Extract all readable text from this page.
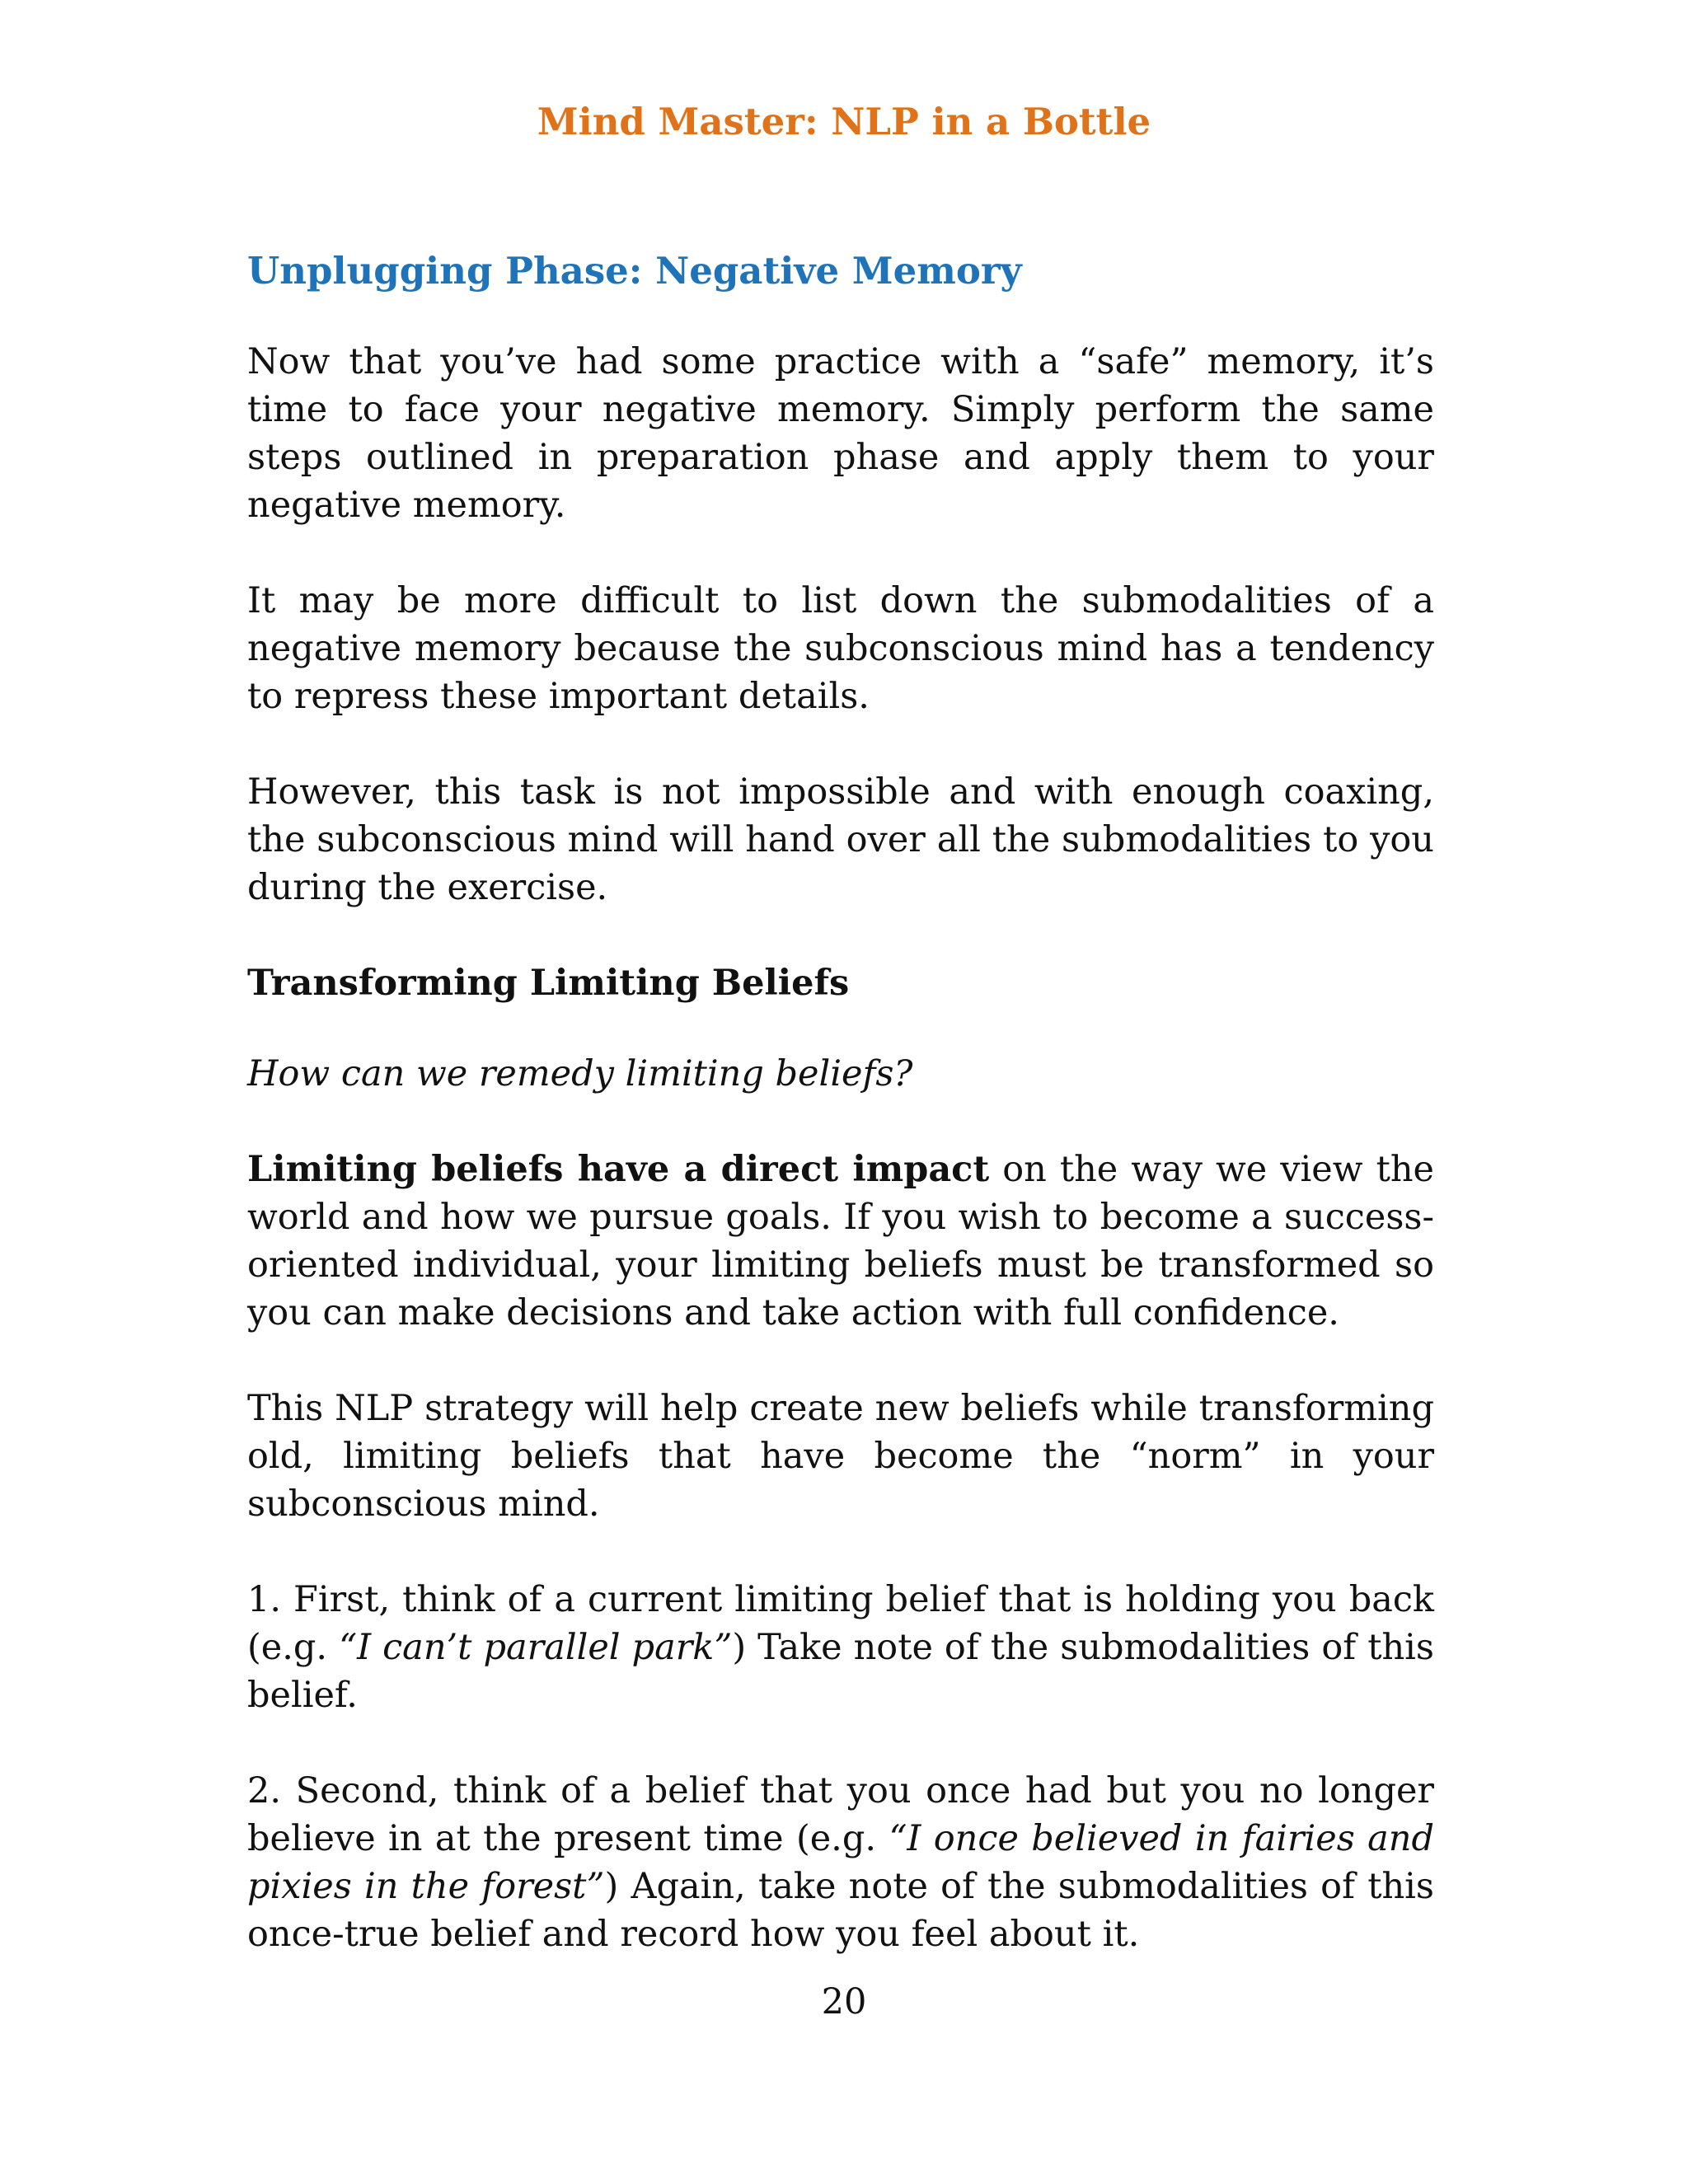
Mind Master: NLP in a Bottle
Unplugging Phase: Negative Memory

Now that you’ve had some practice with a “safe” memory, it’s time to face your negative memory. Simply perform the same steps outlined in preparation phase and apply them to your negative memory.

It may be more difficult to list down the submodalities of a negative memory because the subconscious mind has a tendency to repress these important details.

However, this task is not impossible and with enough coaxing, the subconscious mind will hand over all the submodalities to you during the exercise.

Transforming Limiting Beliefs

How can we remedy limiting beliefs?

Limiting beliefs have a direct impact on the way we view the world and how we pursue goals. If you wish to become a success-oriented individual, your limiting beliefs must be transformed so you can make decisions and take action with full confidence.

This NLP strategy will help create new beliefs while transforming old, limiting beliefs that have become the “norm” in your subconscious mind.

1. First, think of a current limiting belief that is holding you back (e.g. “I can’t parallel park”) Take note of the submodalities of this belief.

2. Second, think of a belief that you once had but you no longer believe in at the present time (e.g. “I once believed in fairies and pixies in the forest”) Again, take note of the submodalities of this once-true belief and record how you feel about it.

20
